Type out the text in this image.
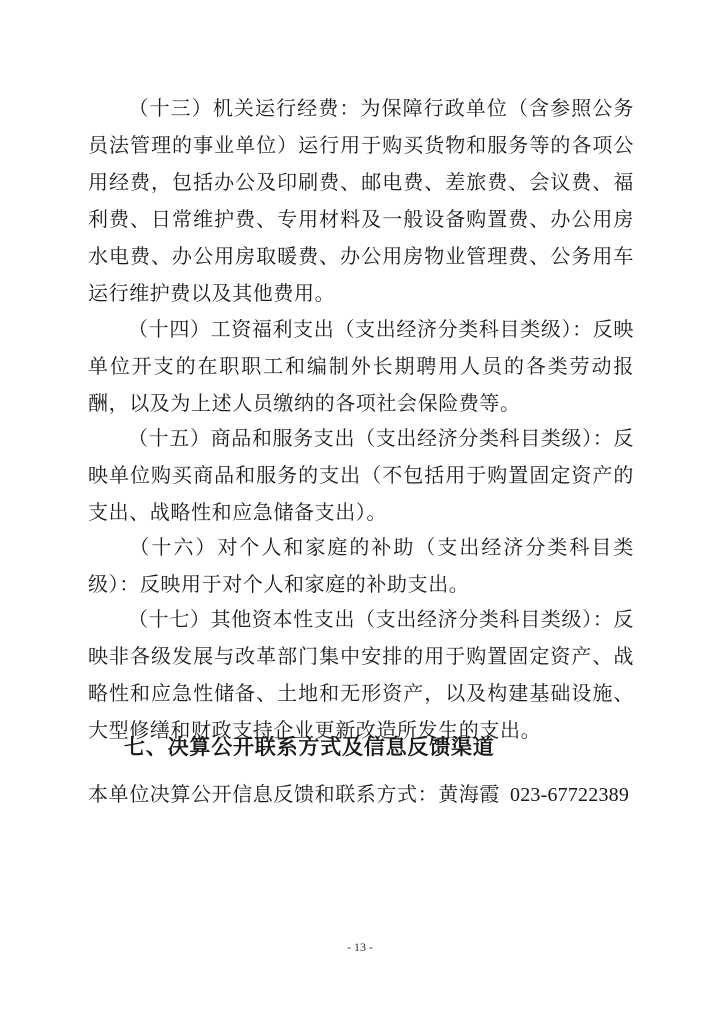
（十三）机关运行经费：为保障行政单位（含参照公务员法管理的事业单位）运行用于购买货物和服务等的各项公用经费，包括办公及印刷费、邮电费、差旅费、会议费、福利费、日常维护费、专用材料及一般设备购置费、办公用房水电费、办公用房取暖费、办公用房物业管理费、公务用车运行维护费以及其他费用。

（十四）工资福利支出（支出经济分类科目类级）：反映单位开支的在职职工和编制外长期聘用人员的各类劳动报酬，以及为上述人员缴纳的各项社会保险费等。

（十五）商品和服务支出（支出经济分类科目类级）：反映单位购买商品和服务的支出（不包括用于购置固定资产的支出、战略性和应急储备支出）。

（十六）对个人和家庭的补助（支出经济分类科目类级）：反映用于对个人和家庭的补助支出。

（十七）其他资本性支出（支出经济分类科目类级）：反映非各级发展与改革部门集中安排的用于购置固定资产、战略性和应急性储备、土地和无形资产，以及构建基础设施、大型修缮和财政支持企业更新改造所发生的支出。

七、决算公开联系方式及信息反馈渠道
本单位决算公开信息反馈和联系方式：黄海霞 023-67722389
- 13 -
